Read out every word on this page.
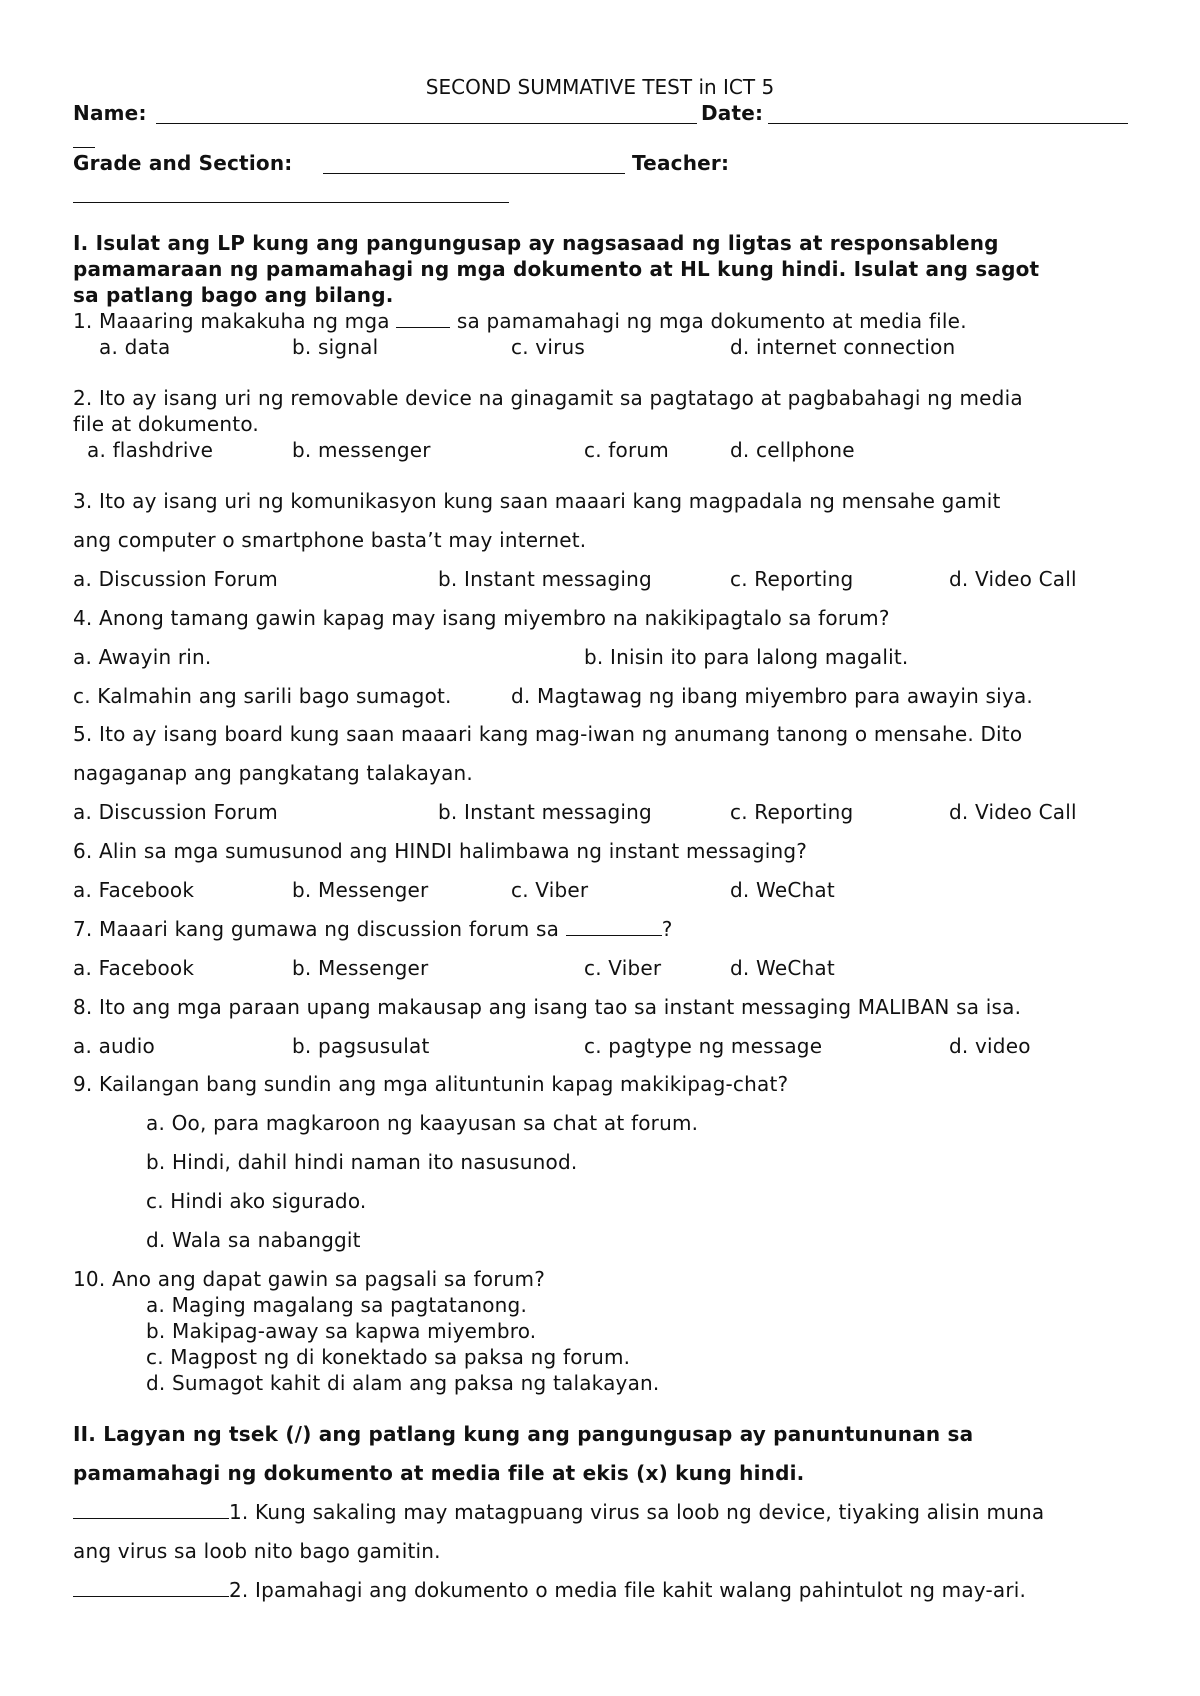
SECOND SUMMATIVE TEST in ICT 5

Name:	Date:
Grade and Section:	Teacher:

I. Isulat ang LP kung ang pangungusap ay nagsasaad ng ligtas at responsableng

pamamaraan ng pamamahagi ng mga dokumento at HL kung hindi. Isulat ang sagot

sa patlang bago ang bilang.

1. Maaaring makakuha ng mga	sa pamamahagi ng mga dokumento at media file.
a. data	b. signal	c. virus	d. internet connection

2. Ito ay isang uri ng removable device na ginagamit sa pagtatago at pagbabahagi ng media

file at dokumento.

a. flashdrive	b. messenger	c. forum	d. cellphone

3. Ito ay isang uri ng komunikasyon kung saan maaari kang magpadala ng mensahe gamit

ang computer o smartphone basta’t may internet.

a. Discussion Forum	b. Instant messaging	c. Reporting	d. Video Call

4. Anong tamang gawin kapag may isang miyembro na nakikipagtalo sa forum?

a. Awayin rin.	b. Inisin ito para lalong magalit.
c. Kalmahin ang sarili bago sumagot.	d. Magtawag ng ibang miyembro para awayin siya.

5. Ito ay isang board kung saan maaari kang mag-iwan ng anumang tanong o mensahe. Dito

nagaganap ang pangkatang talakayan.

a. Discussion Forum	b. Instant messaging	c. Reporting	d. Video Call

6. Alin sa mga sumusunod ang HINDI halimbawa ng instant messaging?

a. Facebook	b. Messenger	c. Viber	d. WeChat
7. Maaari kang gumawa ng discussion forum sa	?
a. Facebook	b. Messenger	c. Viber	d. WeChat

8. Ito ang mga paraan upang makausap ang isang tao sa instant messaging MALIBAN sa isa.

a. audio	b. pagsusulat	c. pagtype ng message	d. video

9. Kailangan bang sundin ang mga alituntunin kapag makikipag-chat?

a. Oo, para magkaroon ng kaayusan sa chat at forum.

b. Hindi, dahil hindi naman ito nasusunod.

c. Hindi ako sigurado.

d. Wala sa nabanggit

10. Ano ang dapat gawin sa pagsali sa forum?

a. Maging magalang sa pagtatanong.

b. Makipag-away sa kapwa miyembro.

c. Magpost ng di konektado sa paksa ng forum.

d. Sumagot kahit di alam ang paksa ng talakayan.

II. Lagyan ng tsek (/) ang patlang kung ang pangungusap ay panuntununan sa

pamamahagi ng dokumento at media file at ekis (x) kung hindi.

1. Kung sakaling may matagpuang virus sa loob ng device, tiyaking alisin muna

ang virus sa loob nito bago gamitin.

2. Ipamahagi ang dokumento o media file kahit walang pahintulot ng may-ari.
